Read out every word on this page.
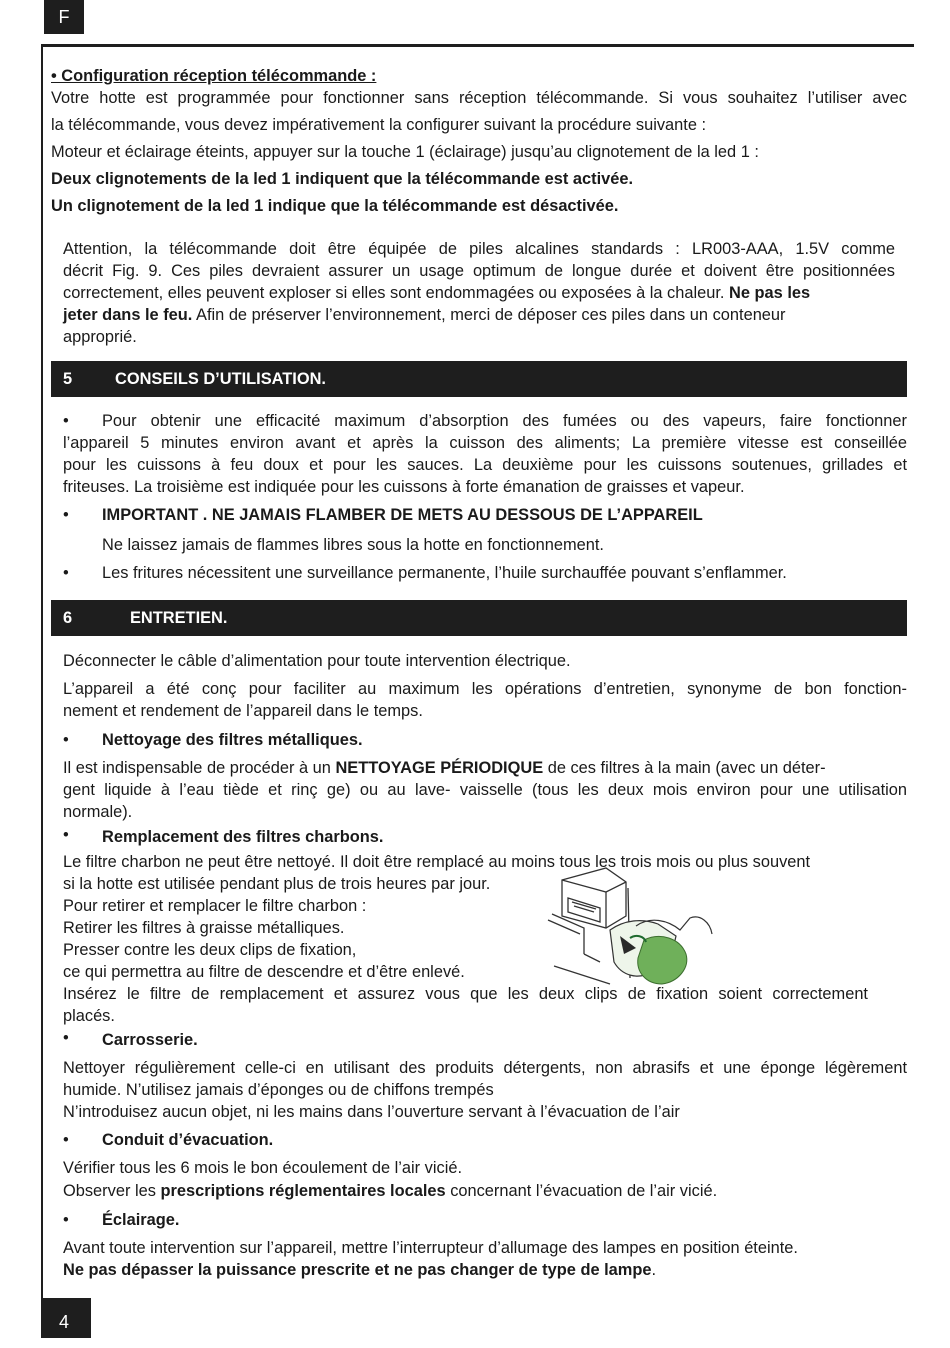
F
• Configuration réception télécommande :
Votre hotte est programmée pour fonctionner sans réception télécommande. Si vous souhaitez l’utiliser avec
la télécommande, vous devez impérativement la configurer suivant la procédure suivante :
Moteur et éclairage éteints, appuyer sur la touche 1 (éclairage) jusqu’au clignotement de la led 1 :
Deux clignotements de la led 1 indiquent que la télécommande est activée.
Un clignotement de la led 1 indique que la télécommande est désactivée.
Attention, la télécommande doit être équipée de piles alcalines standards : LR003-AAA, 1.5V comme
décrit Fig. 9. Ces piles devraient assurer un usage optimum de longue durée et doivent être positionnées
correctement, elles peuvent exploser si elles sont endommagées ou exposées à la chaleur. Ne pas les
jeter dans le feu. Afin de préserver l’environnement, merci de déposer ces piles dans un conteneur
approprié.
5	CONSEILS D’UTILISATION.
• Pour obtenir une efficacité maximum d’absorption des fumées ou des vapeurs, faire fonctionner
l’appareil 5 minutes environ avant et après la cuisson des aliments; La première vitesse est conseillée
pour les cuissons à feu doux et pour les sauces. La deuxième pour les cuissons soutenues, grillades et
friteuses. La troisième est indiquée pour les cuissons à forte émanation de graisses et vapeur.
• IMPORTANT . NE JAMAIS FLAMBER DE METS AU DESSOUS DE L’APPAREIL
Ne laissez jamais de flammes libres sous la hotte en fonctionnement.
• Les fritures nécessitent une surveillance permanente, l’huile surchauffée pouvant s’enflammer.
6	ENTRETIEN.
Déconnecter le câble d’alimentation pour toute intervention électrique.
L’appareil a été conç pour faciliter au maximum les opérations d’entretien, synonyme de bon fonction-
nement et rendement de l’appareil dans le temps.
• Nettoyage des filtres métalliques.
Il est indispensable de procéder à un NETTOYAGE PÉRIODIQUE de ces filtres à la main (avec un déter-
gent liquide à l’eau tiède et rinç ge) ou au lave- vaisselle (tous les deux mois environ pour une utilisation
normale).
• Remplacement des filtres charbons.
Le filtre charbon ne peut être nettoyé. Il doit être remplacé au moins tous les trois mois ou plus souvent
si la hotte est utilisée pendant plus de trois heures par jour.
Pour retirer et remplacer le filtre charbon :
Retirer les filtres à graisse métalliques.
Presser contre les deux clips de fixation,
ce qui permettra au filtre de descendre et d’être enlevé.
Insérez le filtre de remplacement et assurez vous que les deux clips de fixation soient correctement
placés.
• Carrosserie.
Nettoyer régulièrement celle-ci en utilisant des produits détergents, non abrasifs et une éponge légèrement
humide. N’utilisez jamais d’éponges ou de chiffons trempés
N’introduisez aucun objet, ni les mains dans l’ouverture servant à l’évacuation de l’air
• Conduit d’évacuation.
Vérifier tous les 6 mois le bon écoulement de l’air vicié.
Observer les prescriptions réglementaires locales concernant l’évacuation de l’air vicié.
• Éclairage.
Avant toute intervention sur l’appareil, mettre l’interrupteur d’allumage des lampes en position éteinte.
Ne pas dépasser la puissance prescrite et ne pas changer de type de lampe.
4
